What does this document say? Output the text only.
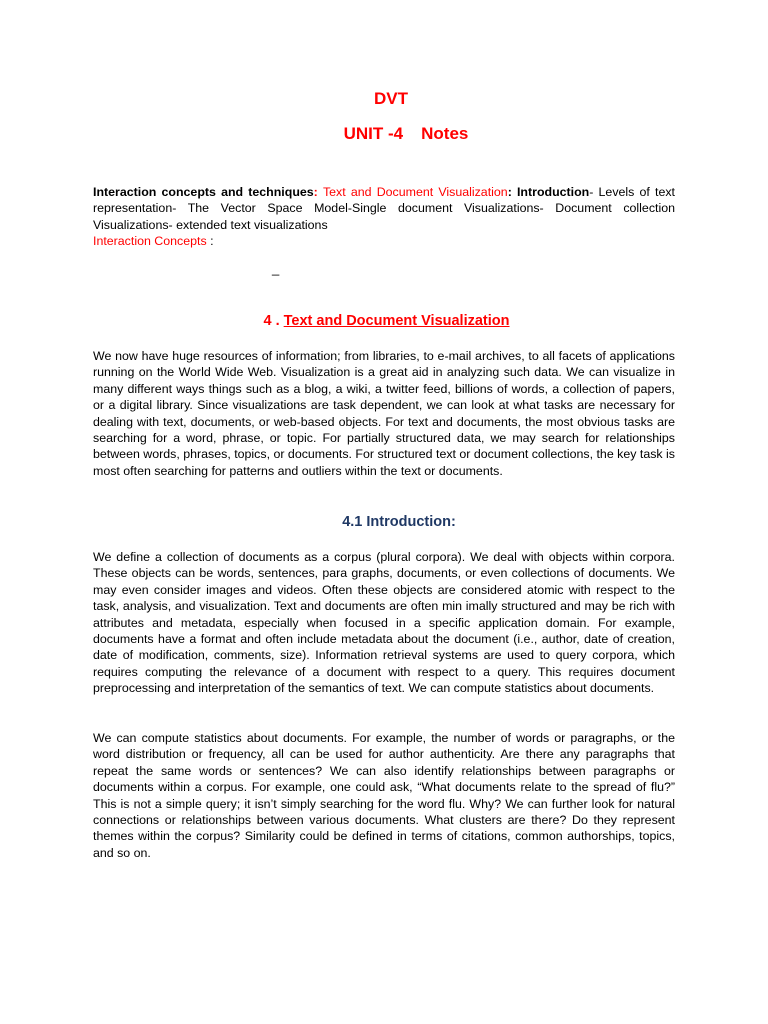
DVT
UNIT -4 Notes
Interaction concepts and techniques: Text and Document Visualization: Introduction- Levels of text representation- The Vector Space Model-Single document Visualizations- Document collection Visualizations- extended text visualizations
Interaction Concepts :
_
4 . Text and Document Visualization

We now have huge resources of information; from libraries, to e-mail archives, to all facets of applications running on the World Wide Web. Visualization is a great aid in analyzing such data. We can visualize in many different ways things such as a blog, a wiki, a twitter feed, billions of words, a collection of papers, or a digital library. Since visualizations are task dependent, we can look at what tasks are necessary for dealing with text, documents, or web-based objects. For text and documents, the most obvious tasks are searching for a word, phrase, or topic. For partially structured data, we may search for relationships between words, phrases, topics, or documents. For structured text or document collections, the key task is most often searching for patterns and outliers within the text or documents.

4.1 Introduction:

We define a collection of documents as a corpus (plural corpora). We deal with objects within corpora. These objects can be words, sentences, para graphs, documents, or even collections of documents. We may even consider images and videos. Often these objects are considered atomic with respect to the task, analysis, and visualization. Text and documents are often min imally structured and may be rich with attributes and metadata, especially when focused in a specific application domain. For example, documents have a format and often include metadata about the document (i.e., author, date of creation, date of modification, comments, size). Information retrieval systems are used to query corpora, which requires computing the relevance of a document with respect to a query. This requires document preprocessing and interpretation of the semantics of text. We can compute statistics about documents.

We can compute statistics about documents. For example, the number of words or paragraphs, or the word distribution or frequency, all can be used for author authenticity. Are there any paragraphs that repeat the same words or sentences? We can also identify relationships between paragraphs or documents within a corpus. For example, one could ask, “What documents relate to the spread of flu?” This is not a simple query; it isn’t simply searching for the word flu. Why? We can further look for natural connections or relationships between various documents. What clusters are there? Do they represent themes within the corpus? Similarity could be defined in terms of citations, common authorships, topics, and so on.
